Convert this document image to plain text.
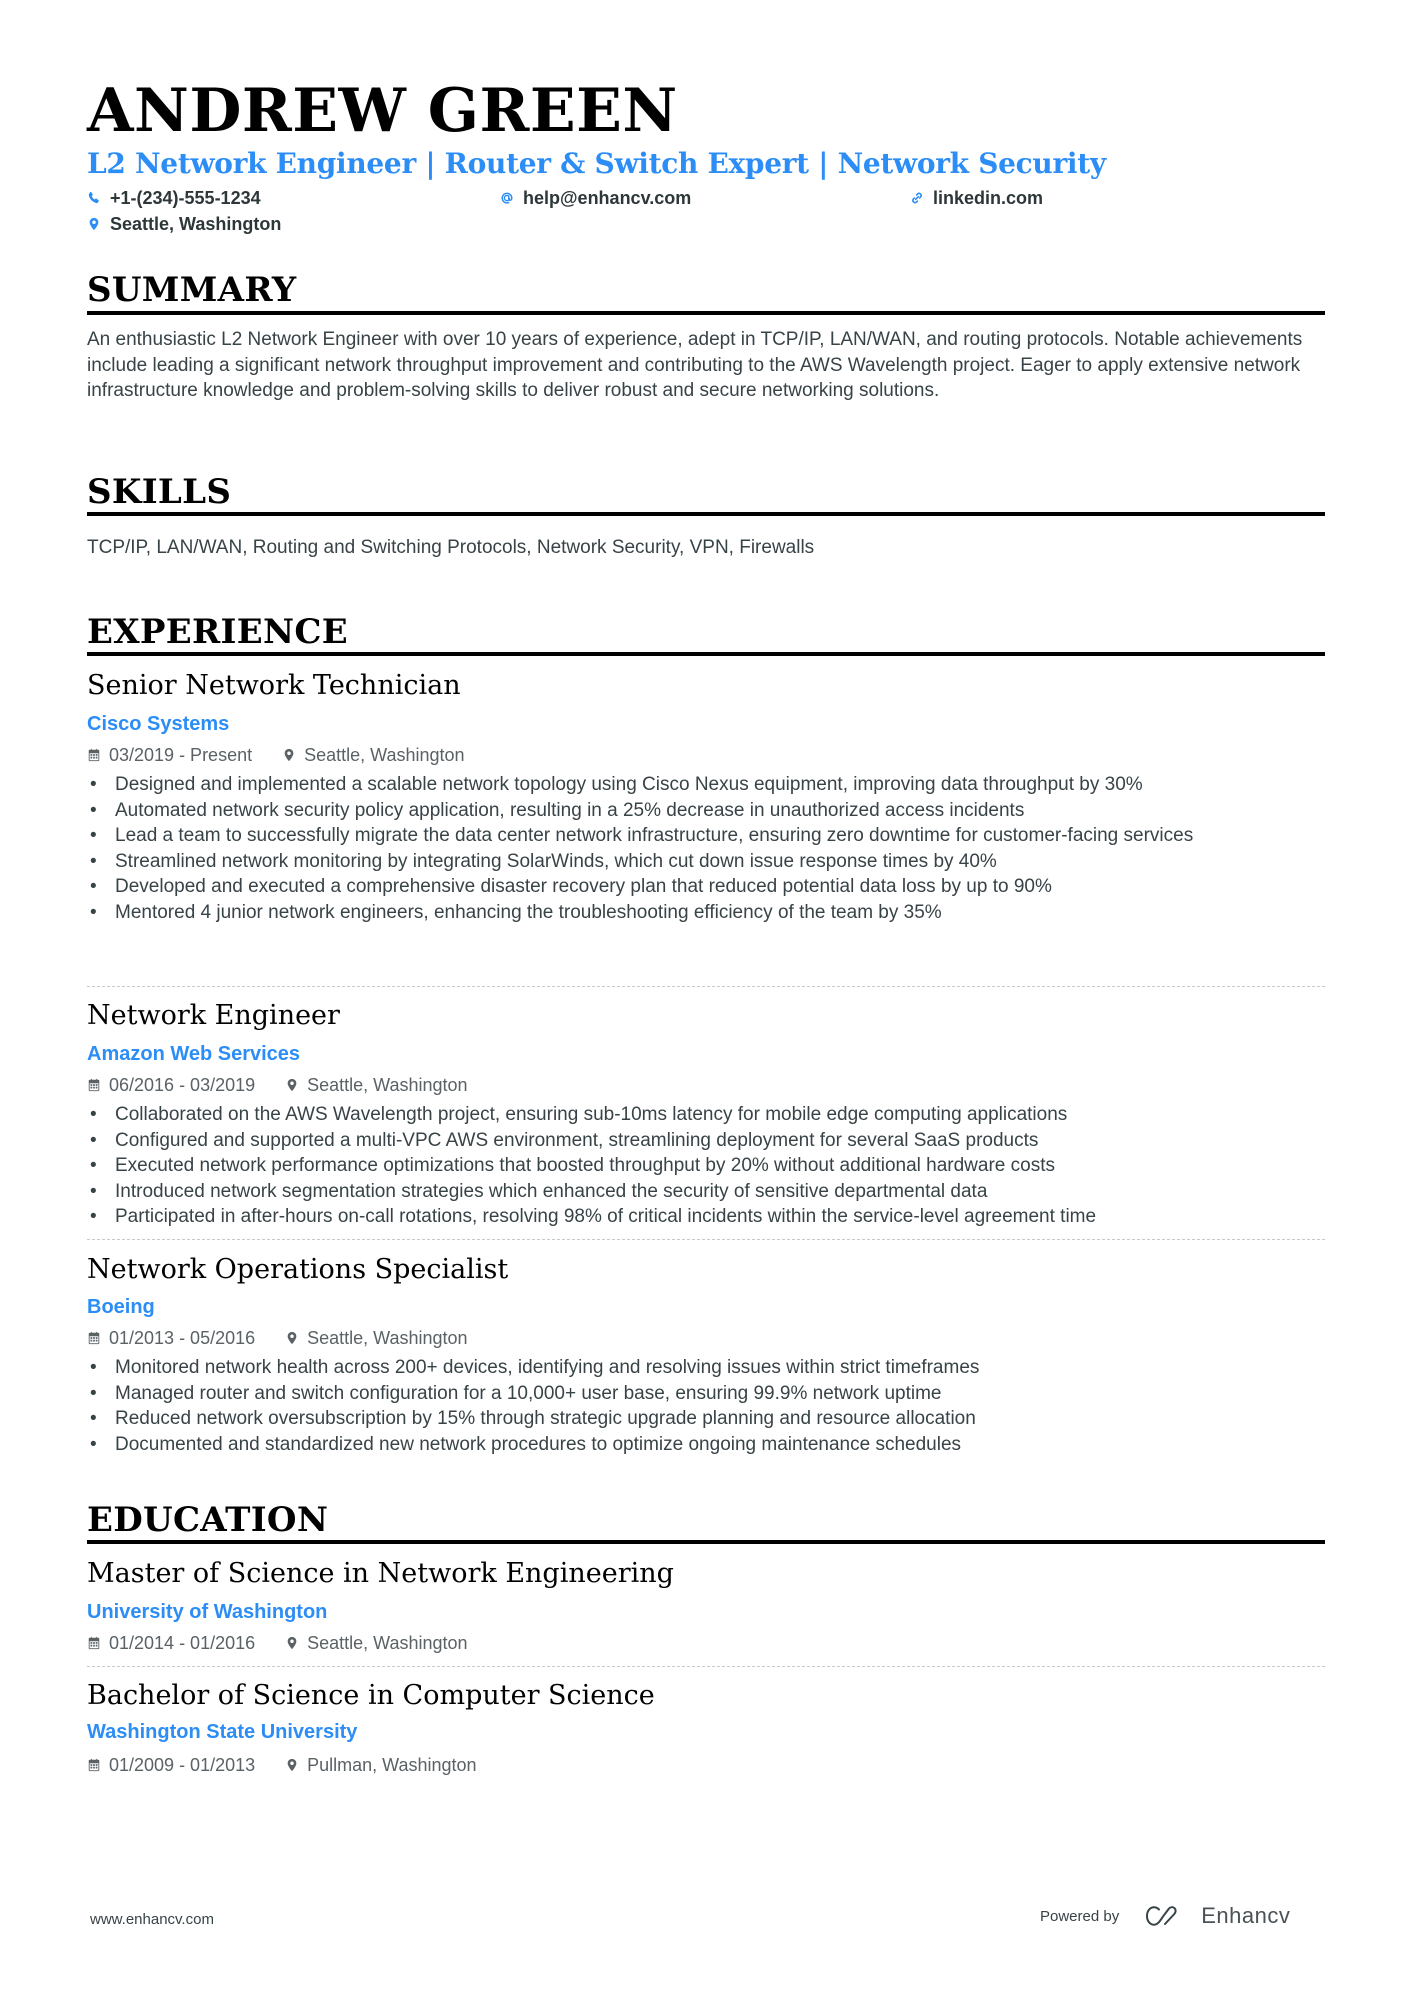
ANDREW GREEN
L2 Network Engineer | Router & Switch Expert | Network Security
+1-(234)-555-1234	help@enhancv.com	linkedin.com
Seattle, Washington
SUMMARY
An enthusiastic L2 Network Engineer with over 10 years of experience, adept in TCP/IP, LAN/WAN, and routing protocols. Notable achievements include leading a significant network throughput improvement and contributing to the AWS Wavelength project. Eager to apply extensive network infrastructure knowledge and problem-solving skills to deliver robust and secure networking solutions.
SKILLS
TCP/IP, LAN/WAN, Routing and Switching Protocols, Network Security, VPN, Firewalls
EXPERIENCE
Senior Network Technician
Cisco Systems
03/2019 - Present	Seattle, Washington
• Designed and implemented a scalable network topology using Cisco Nexus equipment, improving data throughput by 30%
• Automated network security policy application, resulting in a 25% decrease in unauthorized access incidents
• Lead a team to successfully migrate the data center network infrastructure, ensuring zero downtime for customer-facing services
• Streamlined network monitoring by integrating SolarWinds, which cut down issue response times by 40%
• Developed and executed a comprehensive disaster recovery plan that reduced potential data loss by up to 90%
• Mentored 4 junior network engineers, enhancing the troubleshooting efficiency of the team by 35%
Network Engineer
Amazon Web Services
06/2016 - 03/2019	Seattle, Washington
• Collaborated on the AWS Wavelength project, ensuring sub-10ms latency for mobile edge computing applications
• Configured and supported a multi-VPC AWS environment, streamlining deployment for several SaaS products
• Executed network performance optimizations that boosted throughput by 20% without additional hardware costs
• Introduced network segmentation strategies which enhanced the security of sensitive departmental data
• Participated in after-hours on-call rotations, resolving 98% of critical incidents within the service-level agreement time
Network Operations Specialist
Boeing
01/2013 - 05/2016	Seattle, Washington
• Monitored network health across 200+ devices, identifying and resolving issues within strict timeframes
• Managed router and switch configuration for a 10,000+ user base, ensuring 99.9% network uptime
• Reduced network oversubscription by 15% through strategic upgrade planning and resource allocation
• Documented and standardized new network procedures to optimize ongoing maintenance schedules
EDUCATION
Master of Science in Network Engineering
University of Washington
01/2014 - 01/2016	Seattle, Washington
Bachelor of Science in Computer Science
Washington State University
01/2009 - 01/2013	Pullman, Washington
www.enhancv.com	Powered by	Enhancv
